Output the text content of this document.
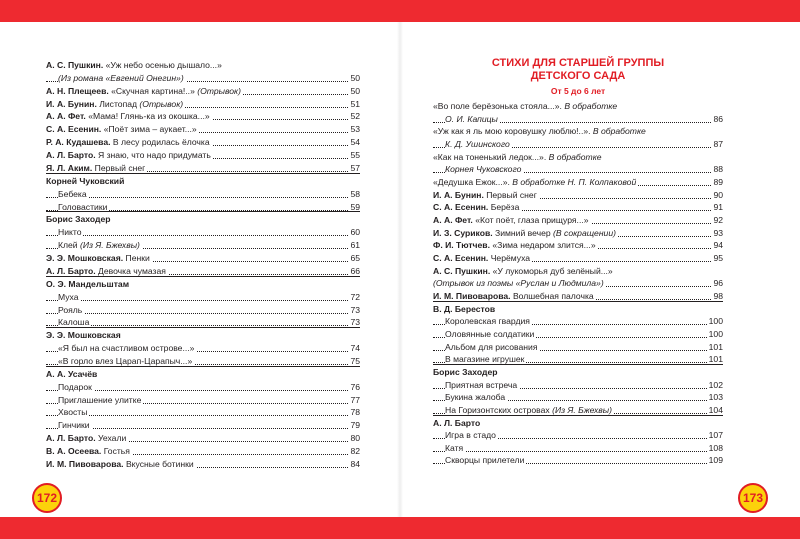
А. С. Пушкин. «Уж небо осенью дышало...»
(Из романа «Евгений Онегин»)	50
А. Н. Плещеев. «Скучная картина!..» (Отрывок)	50
И. А. Бунин. Листопад (Отрывок)	51
А. А. Фет. «Мама! Глянь-ка из окошка...»	52
С. А. Есенин. «Поёт зима – аукает...»	53
Р. А. Кудашева. В лесу родилась ёлочка	54
А. Л. Барто. Я знаю, что надо придумать	55
Я. Л. Аким. Первый снег	57
Корней Чуковский
Бебека	58
Головастики	59
Борис Заходер
Никто	60
Клей (Из Я. Бжехвы)	61
Э. Э. Мошковская. Пенки	65
А. Л. Барто. Девочка чумазая	66
О. Э. Мандельштам
Муха	72
Рояль	73
Калоша	73
Э. Э. Мошковская
«Я был на счастливом острове...»	74
«В горло влез Царап-Царапыч...»	75
А. А. Усачёв
Подарок	76
Приглашение улитке	77
Хвосты	78
Гинчики	79
А. Л. Барто. Уехали	80
В. А. Осеева. Гостья	82
И. М. Пивоварова. Вкусные ботинки	84
172
СТИХИ ДЛЯ СТАРШЕЙ ГРУППЫ
ДЕТСКОГО САДА
От 5 до 6 лет
«Во поле берёзонька стояла...». В обработке
О. И. Капицы	86
«Уж как я ль мою коровушку люблю!..». В обработке
К. Д. Ушинского	87
«Как на тоненький ледок...». В обработке
Корнея Чуковского	88
«Дедушка Ежок...». В обработке Н. П. Колпаковой	89
И. А. Бунин. Первый снег	90
С. А. Есенин. Берёза	91
А. А. Фет. «Кот поёт, глаза прищуря...»	92
И. З. Суриков. Зимний вечер (В сокращении)	93
Ф. И. Тютчев. «Зима недаром злится...»	94
С. А. Есенин. Черёмуха	95
А. С. Пушкин. «У лукоморья дуб зелёный...»
(Отрывок из поэмы «Руслан и Людмила»)	96
И. М. Пивоварова. Волшебная палочка	98
В. Д. Берестов
Королевская гвардия	100
Оловянные солдатики	100
Альбом для рисования	101
В магазине игрушек	101
Борис Заходер
Приятная встреча	102
Букина жалоба	103
На Горизонтских островах (Из Я. Бжехвы)	104
А. Л. Барто
Игра в стадо	107
Катя	108
Скворцы прилетели	109
173
